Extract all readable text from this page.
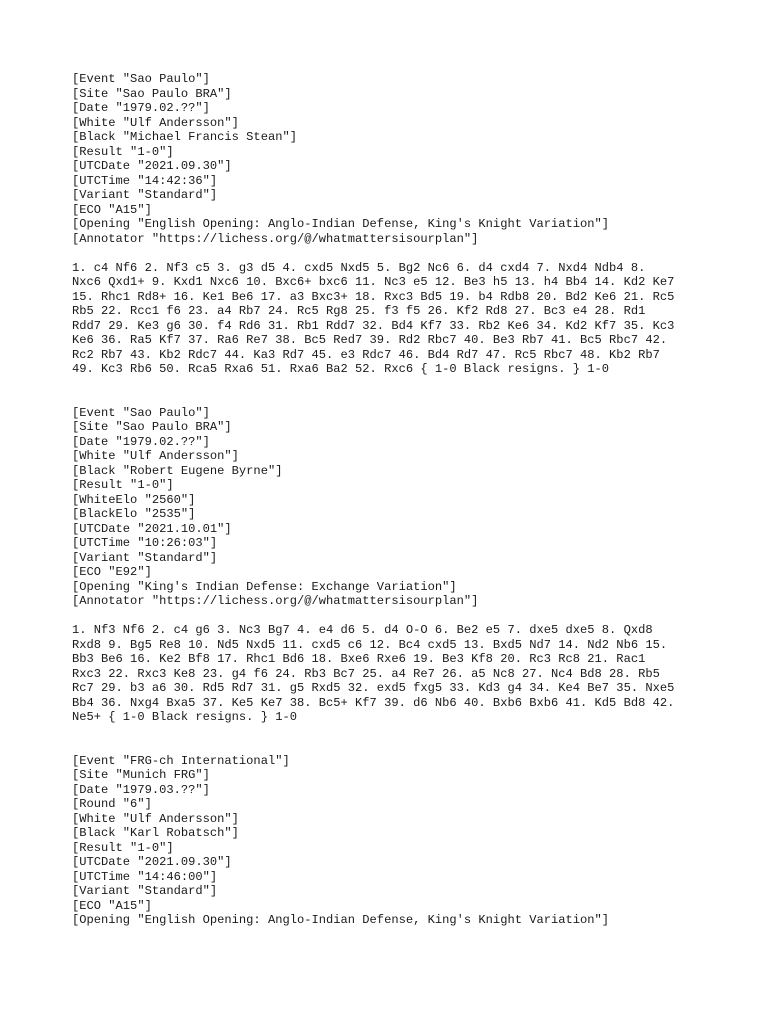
[Event "Sao Paulo"]
[Site "Sao Paulo BRA"]
[Date "1979.02.??"]
[White "Ulf Andersson"]
[Black "Michael Francis Stean"]
[Result "1-0"]
[UTCDate "2021.09.30"]
[UTCTime "14:42:36"]
[Variant "Standard"]
[ECO "A15"]
[Opening "English Opening: Anglo-Indian Defense, King's Knight Variation"]
[Annotator "https://lichess.org/@/whatmattersisourplan"]
1. c4 Nf6 2. Nf3 c5 3. g3 d5 4. cxd5 Nxd5 5. Bg2 Nc6 6. d4 cxd4 7. Nxd4 Ndb4 8.
Nxc6 Qxd1+ 9. Kxd1 Nxc6 10. Bxc6+ bxc6 11. Nc3 e5 12. Be3 h5 13. h4 Bb4 14. Kd2 Ke7
15. Rhc1 Rd8+ 16. Ke1 Be6 17. a3 Bxc3+ 18. Rxc3 Bd5 19. b4 Rdb8 20. Bd2 Ke6 21. Rc5
Rb5 22. Rcc1 f6 23. a4 Rb7 24. Rc5 Rg8 25. f3 f5 26. Kf2 Rd8 27. Bc3 e4 28. Rd1
Rdd7 29. Ke3 g6 30. f4 Rd6 31. Rb1 Rdd7 32. Bd4 Kf7 33. Rb2 Ke6 34. Kd2 Kf7 35. Kc3
Ke6 36. Ra5 Kf7 37. Ra6 Re7 38. Bc5 Red7 39. Rd2 Rbc7 40. Be3 Rb7 41. Bc5 Rbc7 42.
Rc2 Rb7 43. Kb2 Rdc7 44. Ka3 Rd7 45. e3 Rdc7 46. Bd4 Rd7 47. Rc5 Rbc7 48. Kb2 Rb7
49. Kc3 Rb6 50. Rca5 Rxa6 51. Rxa6 Ba2 52. Rxc6 { 1-0 Black resigns. } 1-0
[Event "Sao Paulo"]
[Site "Sao Paulo BRA"]
[Date "1979.02.??"]
[White "Ulf Andersson"]
[Black "Robert Eugene Byrne"]
[Result "1-0"]
[WhiteElo "2560"]
[BlackElo "2535"]
[UTCDate "2021.10.01"]
[UTCTime "10:26:03"]
[Variant "Standard"]
[ECO "E92"]
[Opening "King's Indian Defense: Exchange Variation"]
[Annotator "https://lichess.org/@/whatmattersisourplan"]
1. Nf3 Nf6 2. c4 g6 3. Nc3 Bg7 4. e4 d6 5. d4 O-O 6. Be2 e5 7. dxe5 dxe5 8. Qxd8
Rxd8 9. Bg5 Re8 10. Nd5 Nxd5 11. cxd5 c6 12. Bc4 cxd5 13. Bxd5 Nd7 14. Nd2 Nb6 15.
Bb3 Be6 16. Ke2 Bf8 17. Rhc1 Bd6 18. Bxe6 Rxe6 19. Be3 Kf8 20. Rc3 Rc8 21. Rac1
Rxc3 22. Rxc3 Ke8 23. g4 f6 24. Rb3 Bc7 25. a4 Re7 26. a5 Nc8 27. Nc4 Bd8 28. Rb5
Rc7 29. b3 a6 30. Rd5 Rd7 31. g5 Rxd5 32. exd5 fxg5 33. Kd3 g4 34. Ke4 Be7 35. Nxe5
Bb4 36. Nxg4 Bxa5 37. Ke5 Ke7 38. Bc5+ Kf7 39. d6 Nb6 40. Bxb6 Bxb6 41. Kd5 Bd8 42.
Ne5+ { 1-0 Black resigns. } 1-0
[Event "FRG-ch International"]
[Site "Munich FRG"]
[Date "1979.03.??"]
[Round "6"]
[White "Ulf Andersson"]
[Black "Karl Robatsch"]
[Result "1-0"]
[UTCDate "2021.09.30"]
[UTCTime "14:46:00"]
[Variant "Standard"]
[ECO "A15"]
[Opening "English Opening: Anglo-Indian Defense, King's Knight Variation"]
